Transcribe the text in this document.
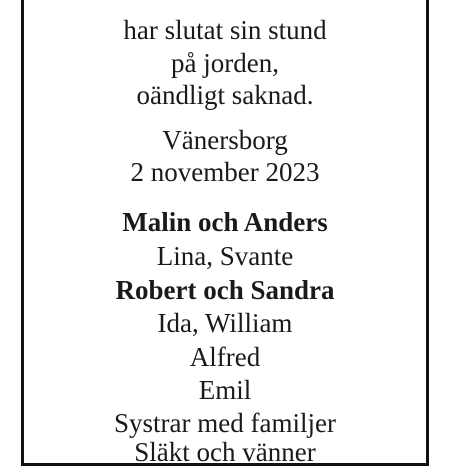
har slutat sin stund
på jorden,
oändligt saknad.
Vänersborg
2 november 2023
Malin och Anders
Lina, Svante
Robert och Sandra
Ida, William
Alfred
Emil
Systrar med familjer
Släkt och vänner
